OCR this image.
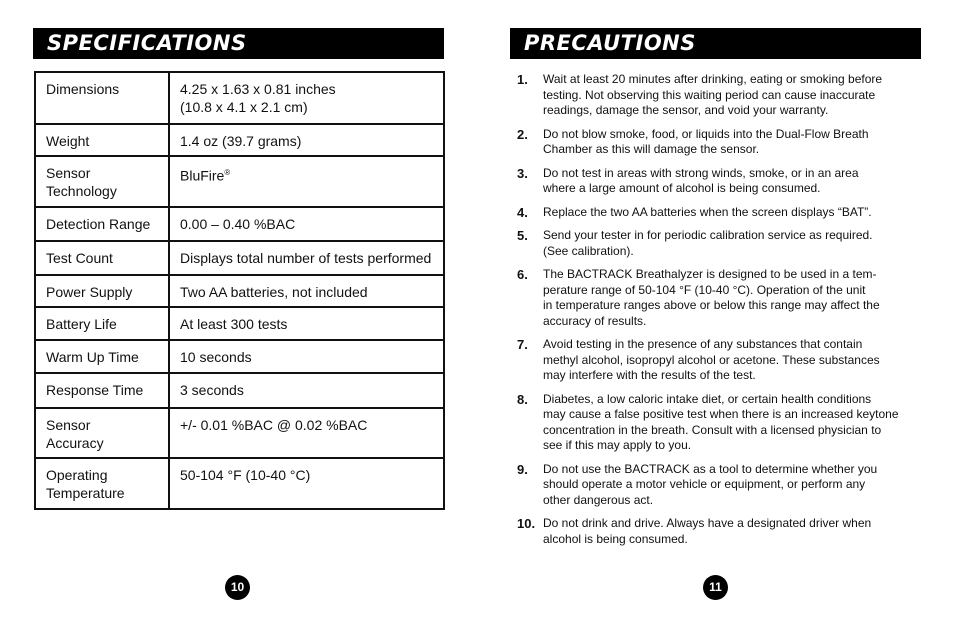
SPECIFICATIONS
Dimensions	4.25 x 1.63 x 0.81 inches
(10.8 x 4.1 x 2.1 cm)
Weight	1.4 oz (39.7 grams)
Sensor
Technology	BluFire®
Detection Range	0.00 – 0.40 %BAC
Test Count	Displays total number of tests performed
Power Supply	Two AA batteries, not included
Battery Life	At least 300 tests
Warm Up Time	10 seconds
Response Time	3 seconds
Sensor
Accuracy	+/- 0.01 %BAC @ 0.02 %BAC
Operating
Temperature	50-104 °F (10-40 °C)
10
PRECAUTIONS
1. Wait at least 20 minutes after drinking, eating or smoking before
testing. Not observing this waiting period can cause inaccurate
readings, damage the sensor, and void your warranty.
2. Do not blow smoke, food, or liquids into the Dual-Flow Breath
Chamber as this will damage the sensor.
3. Do not test in areas with strong winds, smoke, or in an area
where a large amount of alcohol is being consumed.
4. Replace the two AA batteries when the screen displays “BAT”.
5. Send your tester in for periodic calibration service as required.
(See calibration).
6. The BACTRACK Breathalyzer is designed to be used in a tem-
perature range of 50-104 °F (10-40 °C). Operation of the unit
in temperature ranges above or below this range may affect the
accuracy of results.
7. Avoid testing in the presence of any substances that contain
methyl alcohol, isopropyl alcohol or acetone. These substances
may interfere with the results of the test.
8. Diabetes, a low caloric intake diet, or certain health conditions
may cause a false positive test when there is an increased keytone
concentration in the breath. Consult with a licensed physician to
see if this may apply to you.
9. Do not use the BACTRACK as a tool to determine whether you
should operate a motor vehicle or equipment, or perform any
other dangerous act.
10. Do not drink and drive. Always have a designated driver when
alcohol is being consumed.
11
